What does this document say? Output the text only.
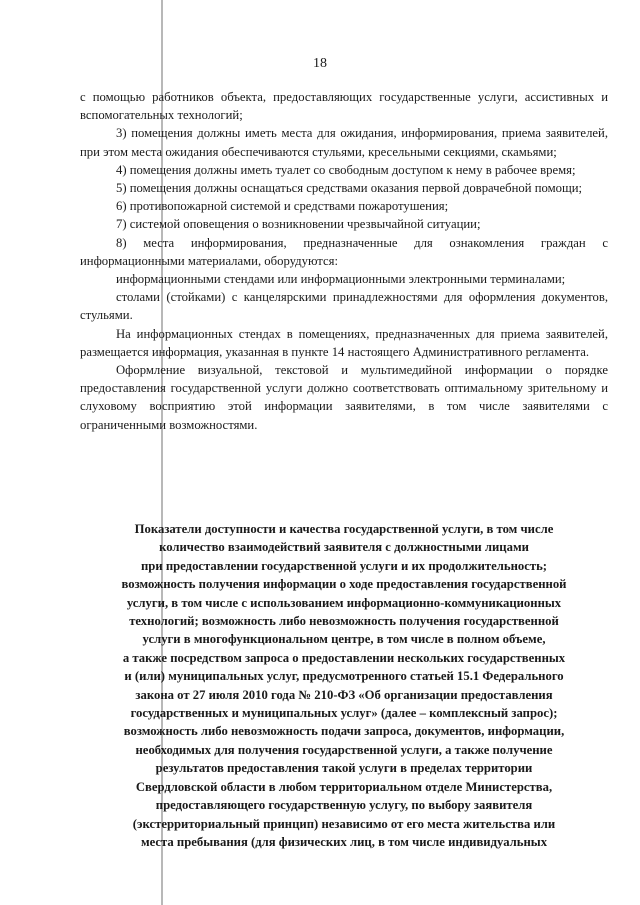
18

с помощью работников объекта, предоставляющих государственные услуги, ассистивных и вспомогательных технологий;

3) помещения должны иметь места для ожидания, информирования, приема заявителей, при этом места ожидания обеспечиваются стульями, кресельными секциями, скамьями;

4) помещения должны иметь туалет со свободным доступом к нему в рабочее время;

5) помещения должны оснащаться средствами оказания первой доврачебной помощи;

6) противопожарной системой и средствами пожаротушения;

7) системой оповещения о возникновении чрезвычайной ситуации;

8) места информирования, предназначенные для ознакомления граждан с информационными материалами, оборудуются:

информационными стендами или информационными электронными терминалами;

столами (стойками) с канцелярскими принадлежностями для оформления документов, стульями.

На информационных стендах в помещениях, предназначенных для приема заявителей, размещается информация, указанная в пункте 14 настоящего Административного регламента.

Оформление визуальной, текстовой и мультимедийной информации о порядке предоставления государственной услуги должно соответствовать оптимальному зрительному и слуховому восприятию этой информации заявителями, в том числе заявителями с ограниченными возможностями.

Показатели доступности и качества государственной услуги, в том числе
количество взаимодействий заявителя с должностными лицами
при предоставлении государственной услуги и их продолжительность;
возможность получения информации о ходе предоставления государственной
услуги, в том числе с использованием информационно-коммуникационных
технологий; возможность либо невозможность получения государственной
услуги в многофункциональном центре, в том числе в полном объеме,
а также посредством запроса о предоставлении нескольких государственных
и (или) муниципальных услуг, предусмотренного статьей 15.1 Федерального
закона от 27 июля 2010 года № 210-ФЗ «Об организации предоставления
государственных и муниципальных услуг» (далее – комплексный запрос);
возможность либо невозможность подачи запроса, документов, информации,
необходимых для получения государственной услуги, а также получение
результатов предоставления такой услуги в пределах территории
Свердловской области в любом территориальном отделе Министерства,
предоставляющего государственную услугу, по выбору заявителя
(экстерриториальный принцип) независимо от его места жительства или
места пребывания (для физических лиц, в том числе индивидуальных
